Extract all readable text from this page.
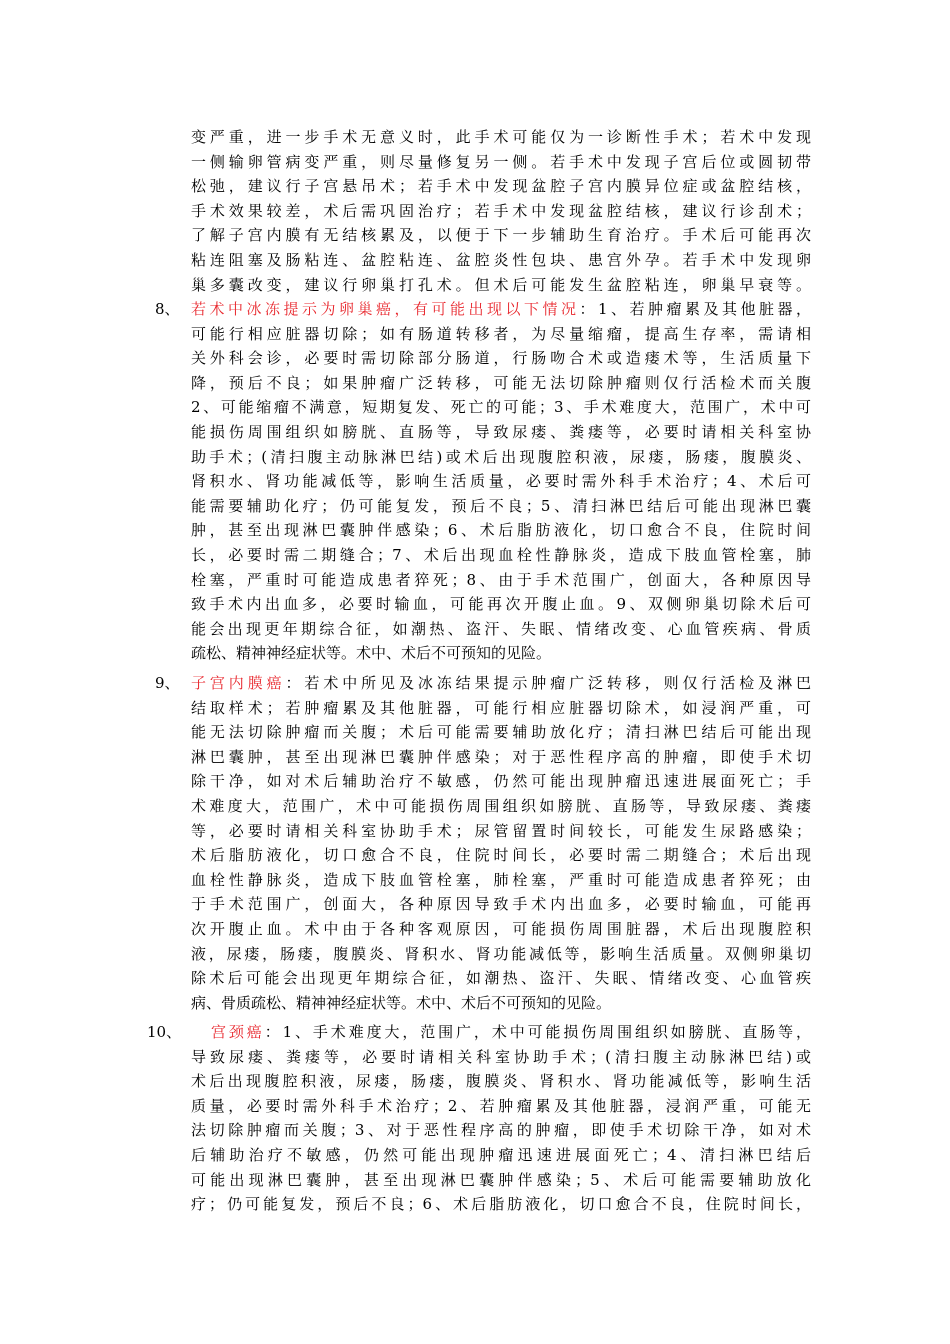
变严重，进一步手术无意义时，此手术可能仅为一诊断性手术；若术中发现
一侧输卵管病变严重，则尽量修复另一侧。若手术中发现子宫后位或圆韧带
松弛，建议行子宫悬吊术；若手术中发现盆腔子宫内膜异位症或盆腔结核，
手术效果较差，术后需巩固治疗；若手术中发现盆腔结核，建议行诊刮术；
了解子宫内膜有无结核累及，以便于下一步辅助生育治疗。手术后可能再次
粘连阻塞及肠粘连、盆腔粘连、盆腔炎性包块、患宫外孕。若手术中发现卵
巢多囊改变，建议行卵巢打孔术。但术后可能发生盆腔粘连，卵巢早衰等。
8、 若术中冰冻提示为卵巢癌，有可能出现以下情况：1、若肿瘤累及其他脏器，
可能行相应脏器切除；如有肠道转移者，为尽量缩瘤，提高生存率，需请相
关外科会诊，必要时需切除部分肠道，行肠吻合术或造瘘术等，生活质量下
降，预后不良；如果肿瘤广泛转移，可能无法切除肿瘤则仅行活检术而关腹
2、可能缩瘤不满意，短期复发、死亡的可能；3、手术难度大，范围广，术中可
能损伤周围组织如膀胱、直肠等，导致尿瘘、粪瘘等，必要时请相关科室协
助手术；(清扫腹主动脉淋巴结)或术后出现腹腔积液，尿瘘，肠瘘，腹膜炎、
肾积水、肾功能减低等，影响生活质量，必要时需外科手术治疗；4、术后可
能需要辅助化疗；仍可能复发，预后不良；5、清扫淋巴结后可能出现淋巴囊
肿，甚至出现淋巴囊肿伴感染；6、术后脂肪液化，切口愈合不良，住院时间
长，必要时需二期缝合；7、术后出现血栓性静脉炎，造成下肢血管栓塞，肺
栓塞，严重时可能造成患者猝死；8、由于手术范围广，创面大，各种原因导
致手术内出血多，必要时输血，可能再次开腹止血。9、双侧卵巢切除术后可
能会出现更年期综合征，如潮热、盗汗、失眠、情绪改变、心血管疾病、骨质
疏松、精神神经症状等。术中、术后不可预知的见险。
9、 子宫内膜癌：若术中所见及冰冻结果提示肿瘤广泛转移，则仅行活检及淋巴
结取样术；若肿瘤累及其他脏器，可能行相应脏器切除术，如浸润严重，可
能无法切除肿瘤而关腹；术后可能需要辅助放化疗；清扫淋巴结后可能出现
淋巴囊肿，甚至出现淋巴囊肿伴感染；对于恶性程序高的肿瘤，即使手术切
除干净，如对术后辅助治疗不敏感，仍然可能出现肿瘤迅速进展面死亡；手
术难度大，范围广，术中可能损伤周围组织如膀胱、直肠等，导致尿瘘、粪瘘
等，必要时请相关科室协助手术；尿管留置时间较长，可能发生尿路感染；
术后脂肪液化，切口愈合不良，住院时间长，必要时需二期缝合；术后出现
血栓性静脉炎，造成下肢血管栓塞，肺栓塞，严重时可能造成患者猝死；由
于手术范围广，创面大，各种原因导致手术内出血多，必要时输血，可能再
次开腹止血。术中由于各种客观原因，可能损伤周围脏器，术后出现腹腔积
液，尿瘘，肠瘘，腹膜炎、肾积水、肾功能减低等，影响生活质量。双侧卵巢切
除术后可能会出现更年期综合征，如潮热、盗汗、失眠、情绪改变、心血管疾
病、骨质疏松、精神神经症状等。术中、术后不可预知的见险。
10、	宫颈癌：1、手术难度大，范围广，术中可能损伤周围组织如膀胱、直肠等，
导致尿瘘、粪瘘等，必要时请相关科室协助手术；(清扫腹主动脉淋巴结)或
术后出现腹腔积液，尿瘘，肠瘘，腹膜炎、肾积水、肾功能减低等，影响生活
质量，必要时需外科手术治疗；2、若肿瘤累及其他脏器，浸润严重，可能无
法切除肿瘤而关腹；3、对于恶性程序高的肿瘤，即使手术切除干净，如对术
后辅助治疗不敏感，仍然可能出现肿瘤迅速进展面死亡；4、清扫淋巴结后
可能出现淋巴囊肿，甚至出现淋巴囊肿伴感染；5、术后可能需要辅助放化
疗；仍可能复发，预后不良；6、术后脂肪液化，切口愈合不良，住院时间长，
